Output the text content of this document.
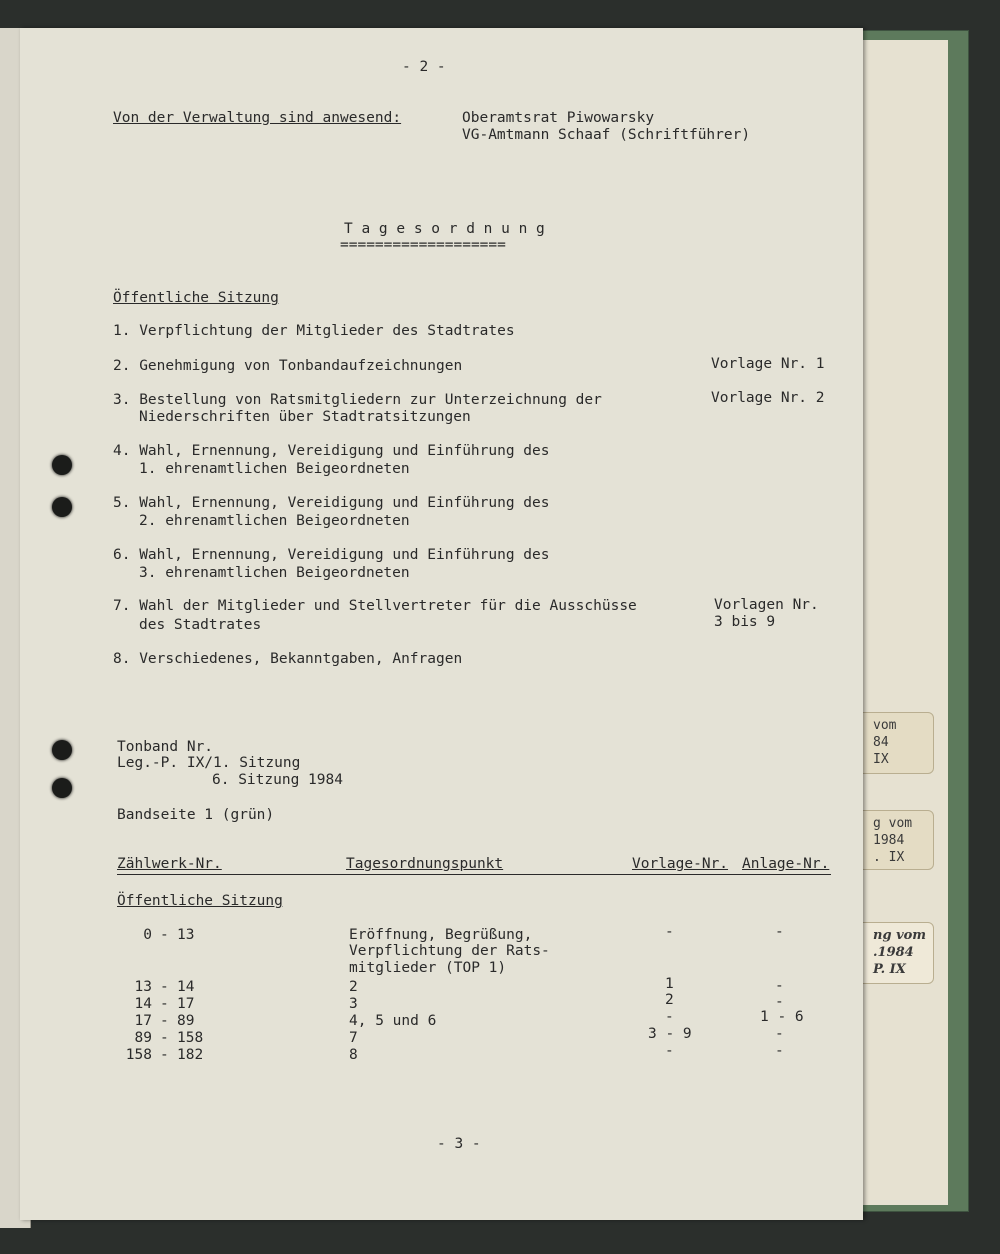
vom
84
IX
g vom
1984
. IX
ng vom
.1984
P. IX
- 2 -
Von der Verwaltung sind anwesend:	Oberamtsrat Piwowarsky
VG-Amtmann Schaaf (Schriftführer)
T a g e s o r d n u n g
===================
Öffentliche Sitzung
1. Verpflichtung der Mitglieder des Stadtrates
2. Genehmigung von Tonbandaufzeichnungen	Vorlage Nr. 1
3. Bestellung von Ratsmitgliedern zur Unterzeichnung der
Niederschriften über Stadtratsitzungen
Vorlage Nr. 2
4. Wahl, Ernennung, Vereidigung und Einführung des
1. ehrenamtlichen Beigeordneten
5. Wahl, Ernennung, Vereidigung und Einführung des
2. ehrenamtlichen Beigeordneten
6. Wahl, Ernennung, Vereidigung und Einführung des
3. ehrenamtlichen Beigeordneten
7. Wahl der Mitglieder und Stellvertreter für die Ausschüsse
des Stadtrates
Vorlagen Nr.
3 bis 9
8. Verschiedenes, Bekanntgaben, Anfragen
Tonband Nr.
Leg.-P. IX/1. Sitzung
6. Sitzung 1984
Bandseite 1 (grün)
Zählwerk-Nr.	Tagesordnungspunkt	Vorlage-Nr. Anlage-Nr.
Öffentliche Sitzung
0 - 13	Eröffnung, Begrüßung,	-	-
Verpflichtung der Rats-
mitglieder (TOP 1)
13 - 14	2	1	-
14 - 17	3	2	-
17 - 89	4, 5 und 6	-	1 - 6
89 - 158	7	3 - 9	-
158 - 182	8	-	-
- 3 -
